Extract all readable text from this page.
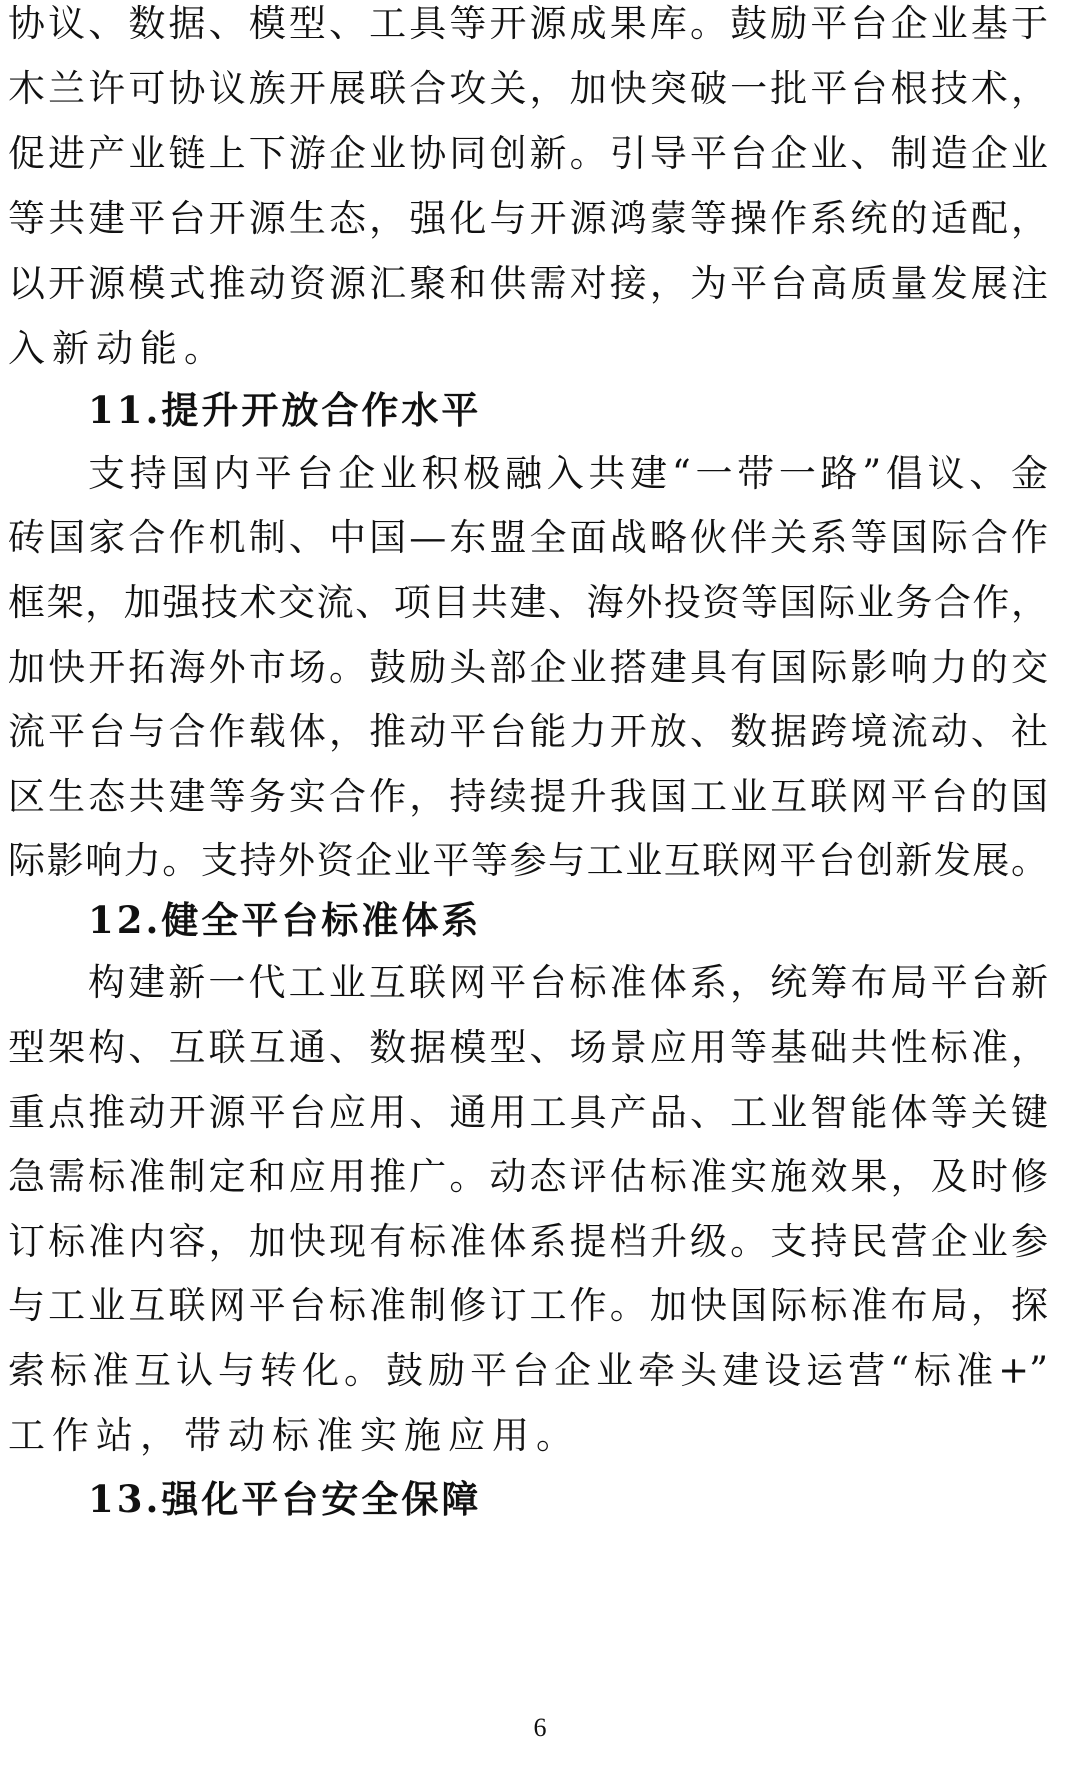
协议、数据、模型、工具等开源成果库。鼓励平台企业基于
木兰许可协议族开展联合攻关，加快突破一批平台根技术，
促进产业链上下游企业协同创新。引导平台企业、制造企业
等共建平台开源生态，强化与开源鸿蒙等操作系统的适配，
以开源模式推动资源汇聚和供需对接，为平台高质量发展注
入新动能。
11.提升开放合作水平
支持国内平台企业积极融入共建“一带一路”倡议、金
砖国家合作机制、中国—东盟全面战略伙伴关系等国际合作
框架，加强技术交流、项目共建、海外投资等国际业务合作，
加快开拓海外市场。鼓励头部企业搭建具有国际影响力的交
流平台与合作载体，推动平台能力开放、数据跨境流动、社
区生态共建等务实合作，持续提升我国工业互联网平台的国
际影响力。支持外资企业平等参与工业互联网平台创新发展。
12.健全平台标准体系
构建新一代工业互联网平台标准体系，统筹布局平台新
型架构、互联互通、数据模型、场景应用等基础共性标准，
重点推动开源平台应用、通用工具产品、工业智能体等关键
急需标准制定和应用推广。动态评估标准实施效果，及时修
订标准内容，加快现有标准体系提档升级。支持民营企业参
与工业互联网平台标准制修订工作。加快国际标准布局，探
索标准互认与转化。鼓励平台企业牵头建设运营“标准+”
工作站，带动标准实施应用。
13.强化平台安全保障
6
